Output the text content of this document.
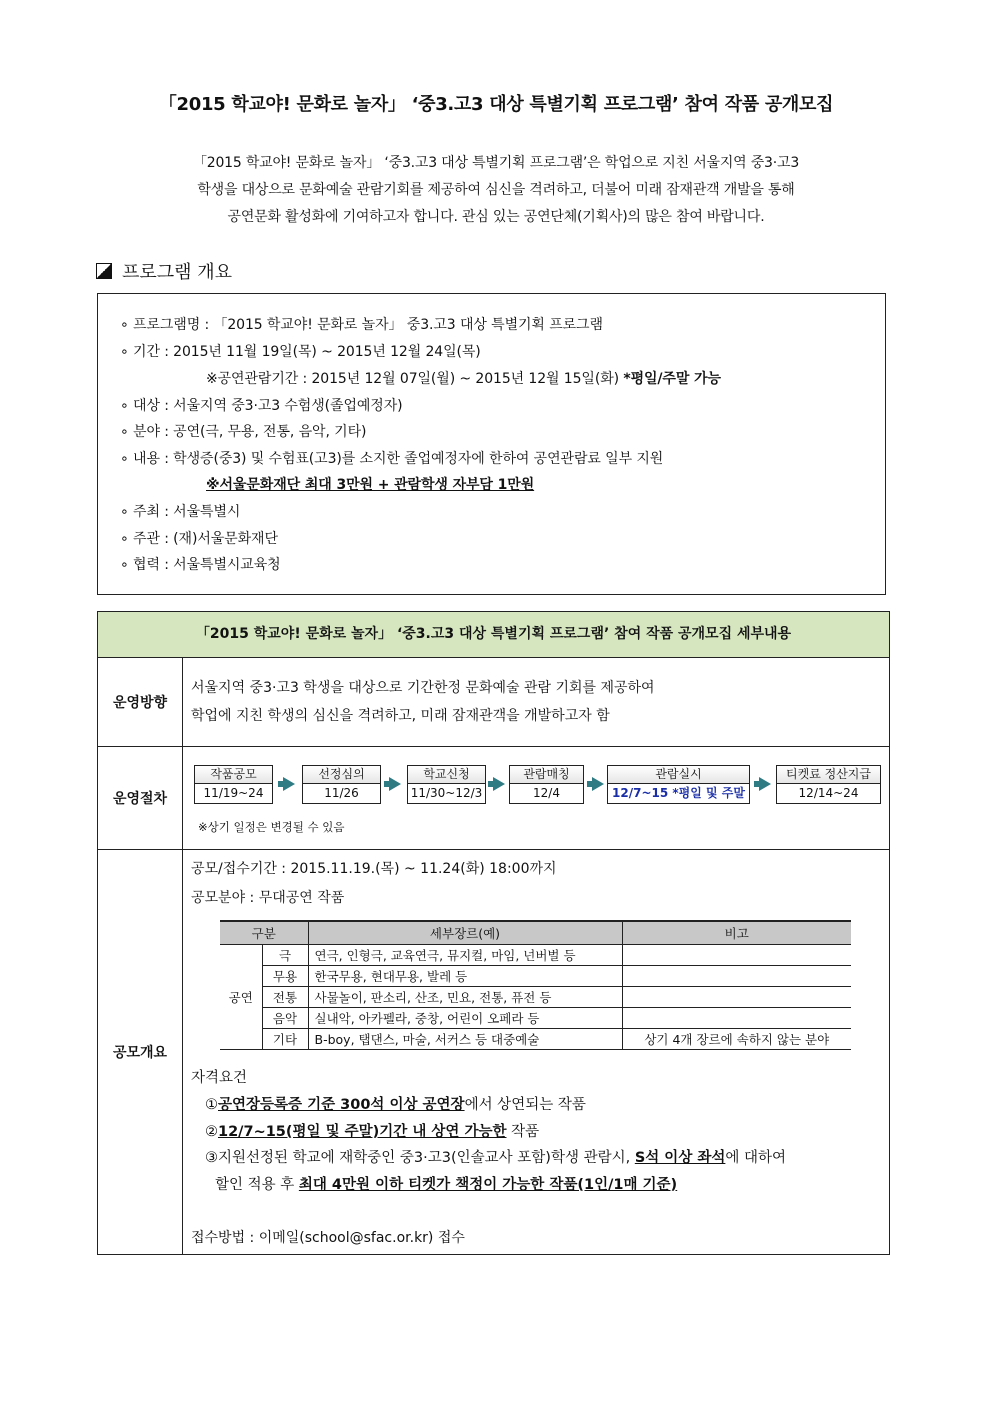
「2015 학교야! 문화로 놀자」 ‘중3.고3 대상 특별기획 프로그램’ 참여 작품 공개모집
「2015 학교야! 문화로 놀자」 ‘중3.고3 대상 특별기획 프로그램’은 학업으로 지친 서울지역 중3·고3
학생을 대상으로 문화예술 관람기회를 제공하여 심신을 격려하고, 더불어 미래 잠재관객 개발을 통해
공연문화 활성화에 기여하고자 합니다. 관심 있는 공연단체(기획사)의 많은 참여 바랍니다.
프로그램 개요
∘ 프로그램명 : 「2015 학교야! 문화로 놀자」 중3.고3 대상 특별기획 프로그램
∘ 기간 : 2015년 11월 19일(목) ~ 2015년 12월 24일(목)
※공연관람기간 : 2015년 12월 07일(월) ~ 2015년 12월 15일(화) *평일/주말 가능
∘ 대상 : 서울지역 중3·고3 수험생(졸업예정자)
∘ 분야 : 공연(극, 무용, 전통, 음악, 기타)
∘ 내용 : 학생증(중3) 및 수험표(고3)를 소지한 졸업예정자에 한하여 공연관람료 일부 지원
※서울문화재단 최대 3만원 + 관람학생 자부담 1만원
∘ 주최 : 서울특별시
∘ 주관 : (재)서울문화재단
∘ 협력 : 서울특별시교육청
「2015 학교야! 문화로 놀자」 ‘중3.고3 대상 특별기획 프로그램’ 참여 작품 공개모집 세부내용
운영방향
서울지역 중3·고3 학생을 대상으로 기간한정 문화예술 관람 기회를 제공하여
학업에 지친 학생의 심신을 격려하고, 미래 잠재관객을 개발하고자 함
운영절차
작품공모
11/19~24
선정심의
11/26
학교신청
11/30~12/3
관람매칭
12/4
관람실시
12/7~15 *평일 및 주말
티켓료 정산지급
12/14~24
※상기 일정은 변경될 수 있음
공모개요
공모/접수기간 : 2015.11.19.(목) ~ 11.24(화) 18:00까지
공모분야 : 무대공연 작품
자격요건
접수방법 : 이메일(school@sfac.or.kr) 접수
구분		세부장르(예)	비고
공연	극	연극, 인형극, 교육연극, 뮤지컬, 마임, 넌버벌 등	
	무용	한국무용, 현대무용, 발레 등	
	전통	사물놀이, 판소리, 산조, 민요, 전통, 퓨전 등	
	음악	실내악, 아카펠라, 중창, 어린이 오페라 등	
	기타	B-boy, 탭댄스, 마술, 서커스 등 대중예술	상기 4개 장르에 속하지 않는 분야
①공연장등록증 기준 300석 이상 공연장에서 상연되는 작품
②12/7~15(평일 및 주말)기간 내 상연 가능한 작품
③지원선정된 학교에 재학중인 중3·고3(인솔교사 포함)학생 관람시, S석 이상 좌석에 대하여
할인 적용 후 최대 4만원 이하 티켓가 책정이 가능한 작품(1인/1매 기준)
